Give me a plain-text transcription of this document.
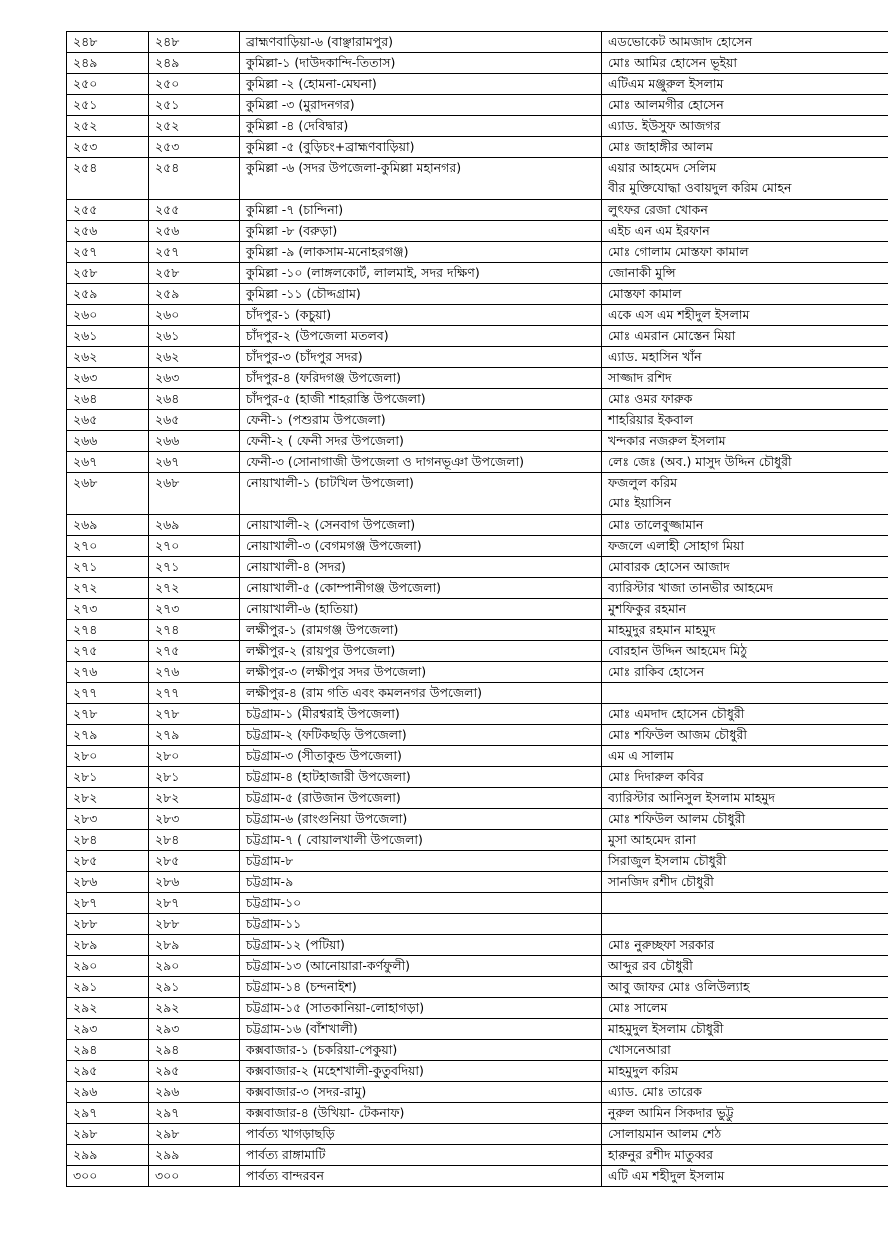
২৪৮	২৪৮	ব্রাহ্মণবাড়িয়া-৬ (বাঞ্ছারামপুর)	এডভোকেট আমজাদ হোসেন

২৪৯	২৪৯	কুমিল্লা-১ (দাউদকান্দি-তিতাস)	মোঃ আমির হোসেন ভূইয়া

২৫০	২৫০	কুমিল্লা -২ (হোমনা-মেঘনা)	এটিএম মঞ্জুরুল ইসলাম

২৫১	২৫১	কুমিল্লা -৩ (মুরাদনগর)	মোঃ আলমগীর হোসেন

২৫২	২৫২	কুমিল্লা -৪ (দেবিদ্বার)	এ্যাড. ইউসুফ আজগর

২৫৩	২৫৩	কুমিল্লা -৫ (বুড়িচং+ব্রাহ্মণবাড়িয়া)	মোঃ জাহাঙ্গীর আলম

২৫৪	২৫৪	কুমিল্লা -৬ (সদর উপজেলা-কুমিল্লা মহানগর)	এয়ার আহমেদ সেলিম
বীর মুক্তিযোদ্ধা ওবায়দুল করিম মোহন

২৫৫	২৫৫	কুমিল্লা -৭ (চান্দিনা)	লুৎফর রেজা খোকন

২৫৬	২৫৬	কুমিল্লা -৮ (বরুড়া)	এইচ এন এম ইরফান

২৫৭	২৫৭	কুমিল্লা -৯ (লাকসাম-মনোহরগঞ্জ)	মোঃ গোলাম মোস্তফা কামাল

২৫৮	২৫৮	কুমিল্লা -১০ (লাঙ্গলকোর্ট, লালমাই, সদর দক্ষিণ)	জোনাকী মুন্সি

২৫৯	২৫৯	কুমিল্লা -১১ (চৌদ্দগ্রাম)	মোস্তফা কামাল

২৬০	২৬০	চাঁদপুর-১ (কচুয়া)	একে এস এম শহীদুল ইসলাম

২৬১	২৬১	চাঁদপুর-২ (উপজেলা মতলব)	মোঃ এমরান মোস্তেন মিয়া

২৬২	২৬২	চাঁদপুর-৩ (চাঁদপুর সদর)	এ্যাড. মহাসিন খাঁন

২৬৩	২৬৩	চাঁদপুর-৪ (ফরিদগঞ্জ উপজেলা)	সাজ্জাদ রশিদ

২৬৪	২৬৪	চাঁদপুর-৫ (হাজী শাহরাস্তি উপজেলা)	মোঃ ওমর ফারুক

২৬৫	২৬৫	ফেনী-১ (পশুরাম উপজেলা)	শাহরিয়ার ইকবাল

২৬৬	২৬৬	ফেনী-২ ( ফেনী সদর উপজেলা)	খন্দকার নজরুল ইসলাম

২৬৭	২৬৭	ফেনী-৩ (সোনাগাজী উপজেলা ও দাগনভূঞা উপজেলা)	লেঃ জেঃ (অব.) মাসুদ উদ্দিন চৌধুরী

২৬৮	২৬৮	নোয়াখালী-১ (চাটখিল উপজেলা)	ফজলুল করিম
মোঃ ইয়াসিন

২৬৯	২৬৯	নোয়াখালী-২ (সেনবাগ উপজেলা)	মোঃ তালেবুজ্জামান

২৭০	২৭০	নোয়াখালী-৩ (বেগমগঞ্জ উপজেলা)	ফজলে এলাহী সোহাগ মিয়া

২৭১	২৭১	নোয়াখালী-৪ (সদর)	মোবারক হোসেন আজাদ

২৭২	২৭২	নোয়াখালী-৫ (কোম্পানীগঞ্জ উপজেলা)	ব্যারিস্টার খাজা তানভীর আহমেদ

২৭৩	২৭৩	নোয়াখালী-৬ (হাতিয়া)	মুশফিকুর রহমান

২৭৪	২৭৪	লক্ষীপুর-১ (রামগঞ্জ উপজেলা)	মাহমুদুর রহমান মাহমুদ

২৭৫	২৭৫	লক্ষীপুর-২ (রায়পুর উপজেলা)	বোরহান উদ্দিন আহমেদ মিঠু

২৭৬	২৭৬	লক্ষীপুর-৩ (লক্ষীপুর সদর উপজেলা)	মোঃ রাকিব হোসেন

২৭৭	২৭৭	লক্ষীপুর-৪ (রাম গতি এবং কমলনগর উপজেলা)	

২৭৮	২৭৮	চট্টগ্রাম-১ (মীরশ্বরাই উপজেলা)	মোঃ এমদাদ হোসেন চৌধুরী

২৭৯	২৭৯	চট্টগ্রাম-২ (ফটিকছড়ি উপজেলা)	মোঃ শফিউল আজম চৌধুরী

২৮০	২৮০	চট্টগ্রাম-৩ (সীতাকুন্ড উপজেলা)	এম এ সালাম

২৮১	২৮১	চট্টগ্রাম-৪ (হাটহাজারী উপজেলা)	মোঃ দিদারুল কবির

২৮২	২৮২	চট্টগ্রাম-৫ (রাউজান উপজেলা)	ব্যারিস্টার আনিসুল ইসলাম মাহমুদ

২৮৩	২৮৩	চট্টগ্রাম-৬ (রাংগুনিয়া উপজেলা)	মোঃ শফিউল আলম চৌধুরী

২৮৪	২৮৪	চট্টগ্রাম-৭ ( বোয়ালখালী উপজেলা)	মুসা আহমেদ রানা

২৮৫	২৮৫	চট্টগ্রাম-৮	সিরাজুল ইসলাম চৌধুরী

২৮৬	২৮৬	চট্টগ্রাম-৯	সানজিদ রশীদ চৌধুরী

২৮৭	২৮৭	চট্টগ্রাম-১০	

২৮৮	২৮৮	চট্টগ্রাম-১১	

২৮৯	২৮৯	চট্টগ্রাম-১২ (পটিয়া)	মোঃ নুরুচ্ছফা সরকার

২৯০	২৯০	চট্টগ্রাম-১৩ (আনোয়ারা-কর্ণফুলী)	আব্দুর রব চৌধুরী

২৯১	২৯১	চট্টগ্রাম-১৪ (চন্দনাইশ)	আবু জাফর মোঃ ওলিউল্যাহ

২৯২	২৯২	চট্টগ্রাম-১৫ (সাতকানিয়া-লোহাগড়া)	মোঃ সালেম

২৯৩	২৯৩	চট্টগ্রাম-১৬ (বাঁশখালী)	মাহমুদুল ইসলাম চৌধুরী

২৯৪	২৯৪	কক্সবাজার-১ (চকরিয়া-পেকুয়া)	খোসনেআরা

২৯৫	২৯৫	কক্সবাজার-২ (মহেশখালী-কুতুবদিয়া)	মাহমুদুল করিম

২৯৬	২৯৬	কক্সবাজার-৩ (সদর-রামু)	এ্যাড. মোঃ তারেক

২৯৭	২৯৭	কক্সবাজার-৪ (উখিয়া- টেকনাফ)	নুরুল আমিন সিকদার ভুট্টু

২৯৮	২৯৮	পার্বত্য খাগড়াছড়ি	সোলায়মান আলম শেঠ

২৯৯	২৯৯	পার্বত্য রাঙ্গামাটি	হারুনুর রশীদ মাতুব্বর

৩০০	৩০০	পার্বত্য বান্দরবন	এটি এম শহীদুল ইসলাম
